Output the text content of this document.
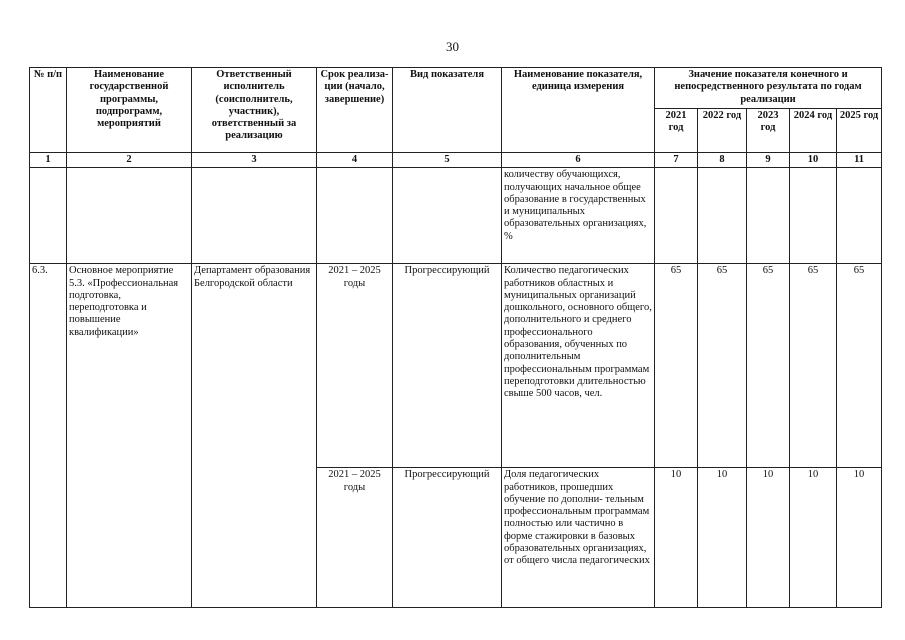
30
№ п/п	Наименование государственной программы, подпрограмм, мероприятий	Ответственный исполнитель (соисполнитель, участник), ответственный за реализацию	Срок реализа- ции (начало, завершение)	Вид показателя	Наименование показателя, единица измерения	Значение показателя конечного и непосредственного результата по годам реализации				
						2021 год	2022 год	2023 год	2024 год	2025 год
1	2	3	4	5	6	7	8	9	10	11
					количеству обучающихся, получающих начальное общее образование в государственных и муниципальных образовательных организациях, %					
6.3.	Основное мероприятие 5.3. «Профессиональная подготовка, переподготовка и повышение квалификации»	Департамент образования Белгородской области	2021 – 2025 годы	Прогрессирующий	Количество педагогических работников областных и муниципальных организаций дошкольного, основного общего, дополнительного и среднего профессионального образования, обученных по дополнительным профессиональным программам переподготовки длительностью свыше 500 часов, чел.	65	65	65	65	65
			2021 – 2025 годы	Прогрессирующий	Доля педагогических работников, прошедших обучение по дополни- тельным профессиональным программам полностью или частично в форме стажировки в базовых образовательных организациях, от общего числа педагогических	10	10	10	10	10
